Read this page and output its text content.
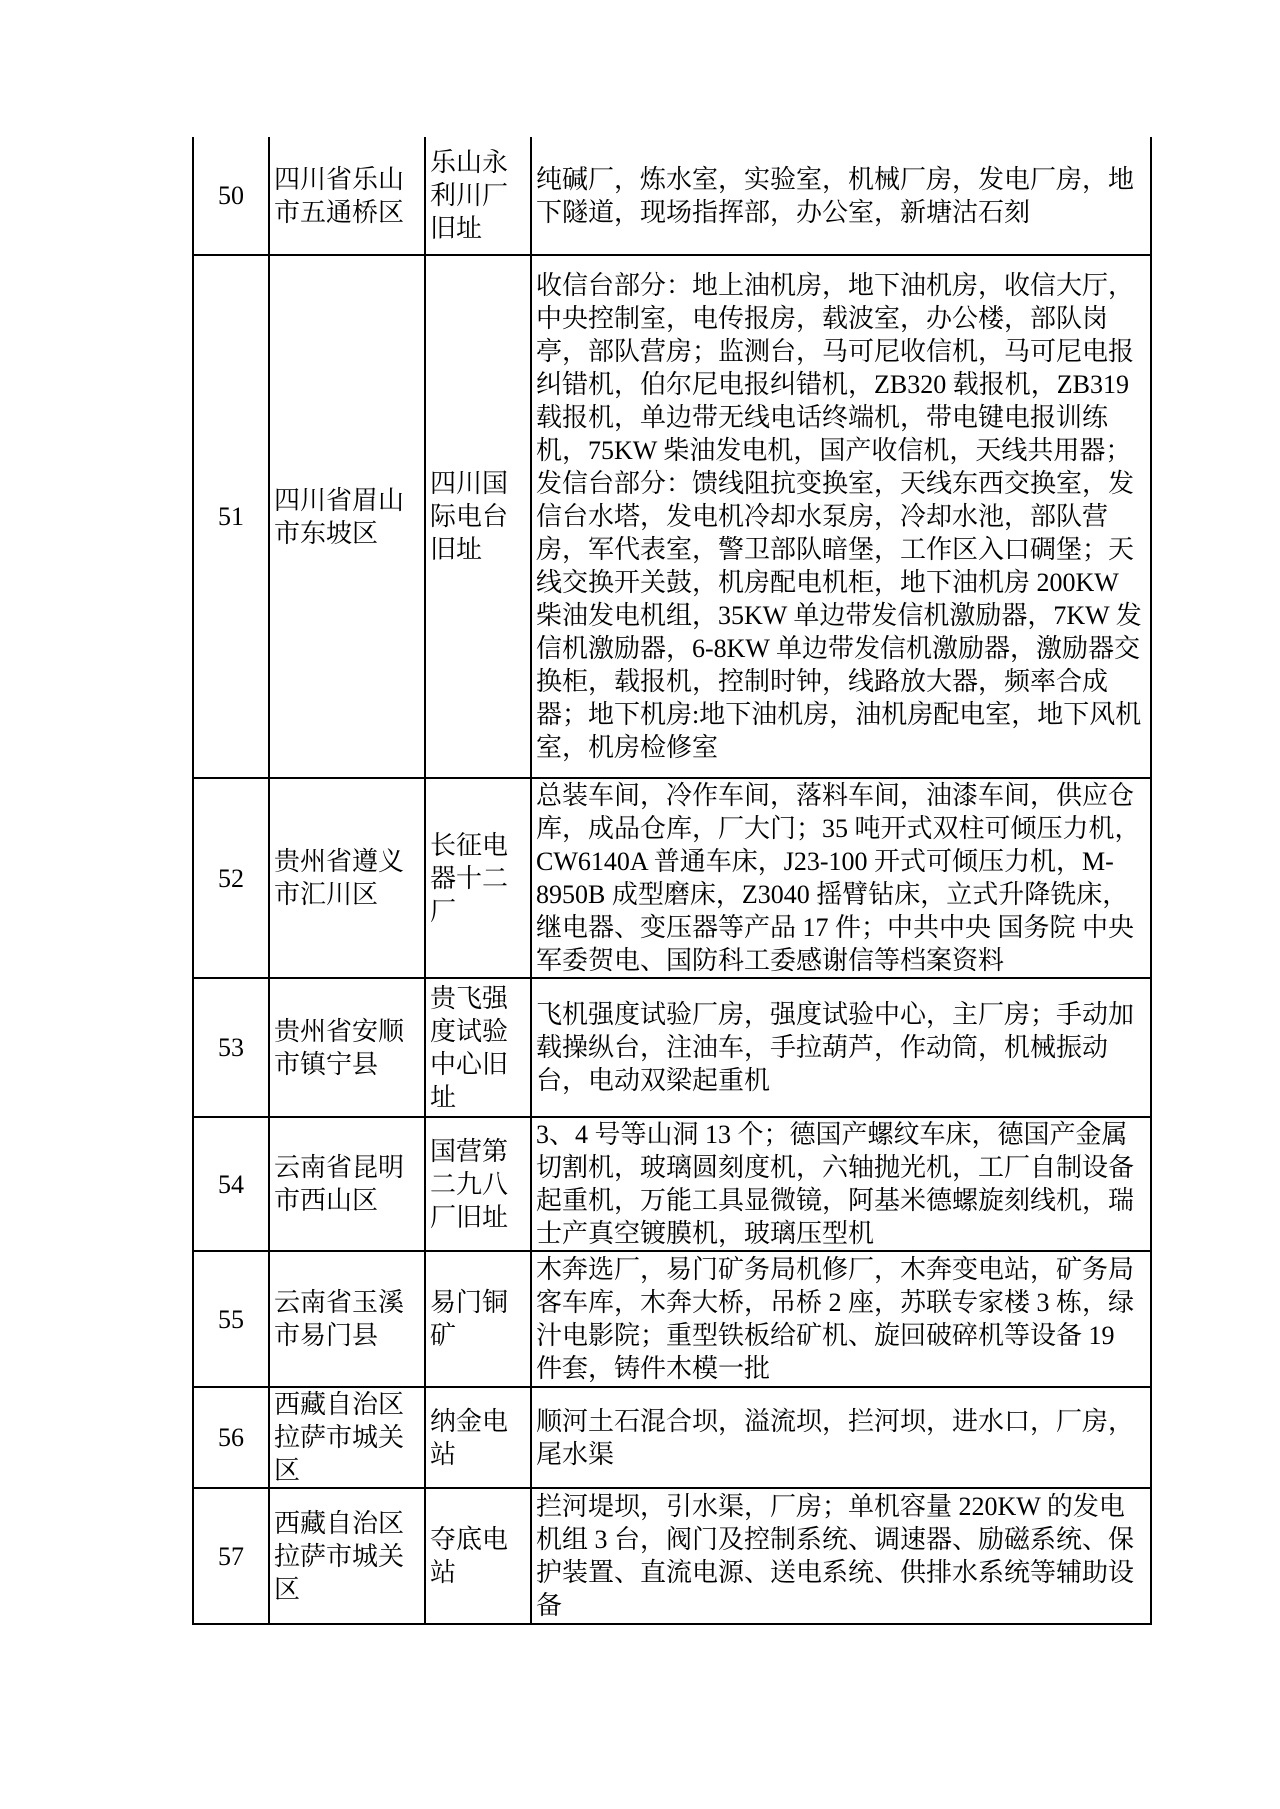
50	四川省乐山市五通桥区	乐山永利川厂旧址	纯碱厂，炼水室，实验室，机械厂房，发电厂房，地下隧道，现场指挥部，办公室，新塘沽石刻
51	四川省眉山市东坡区	四川国际电台旧址	收信台部分：地上油机房，地下油机房，收信大厅，中央控制室，电传报房，载波室，办公楼，部队岗亭，部队营房；监测台，马可尼收信机，马可尼电报纠错机，伯尔尼电报纠错机，ZB320 载报机，ZB319 载报机，单边带无线电话终端机，带电键电报训练机，75KW 柴油发电机，国产收信机，天线共用器；发信台部分：馈线阻抗变换室，天线东西交换室，发信台水塔，发电机冷却水泵房，冷却水池，部队营房，军代表室，警卫部队暗堡，工作区入口碉堡；天线交换开关鼓，机房配电机柜，地下油机房 200KW 柴油发电机组，35KW 单边带发信机激励器，7KW 发信机激励器，6-8KW 单边带发信机激励器，激励器交换柜，载报机，控制时钟，线路放大器，频率合成器；地下机房:地下油机房，油机房配电室，地下风机室，机房检修室
52	贵州省遵义市汇川区	长征电器十二厂	总装车间，冷作车间，落料车间，油漆车间，供应仓库，成品仓库，厂大门；35 吨开式双柱可倾压力机，CW6140A 普通车床，J23-100 开式可倾压力机，M-8950B 成型磨床，Z3040 摇臂钻床，立式升降铣床，继电器、变压器等产品 17 件；中共中央 国务院 中央军委贺电、国防科工委感谢信等档案资料
53	贵州省安顺市镇宁县	贵飞强度试验中心旧址	飞机强度试验厂房，强度试验中心，主厂房；手动加载操纵台，注油车，手拉葫芦，作动筒，机械振动台，电动双梁起重机
54	云南省昆明市西山区	国营第二九八厂旧址	3、4 号等山洞 13 个；德国产螺纹车床，德国产金属切割机，玻璃圆刻度机，六轴抛光机，工厂自制设备起重机，万能工具显微镜，阿基米德螺旋刻线机，瑞士产真空镀膜机，玻璃压型机
55	云南省玉溪市易门县	易门铜矿	木奔选厂，易门矿务局机修厂，木奔变电站，矿务局客车库，木奔大桥，吊桥 2 座，苏联专家楼 3 栋，绿汁电影院；重型铁板给矿机、旋回破碎机等设备 19 件套，铸件木模一批
56	西藏自治区拉萨市城关区	纳金电站	顺河土石混合坝，溢流坝，拦河坝，进水口，厂房，尾水渠
57	西藏自治区拉萨市城关区	夺底电站	拦河堤坝，引水渠，厂房；单机容量 220KW 的发电机组 3 台，阀门及控制系统、调速器、励磁系统、保护装置、直流电源、送电系统、供排水系统等辅助设备
